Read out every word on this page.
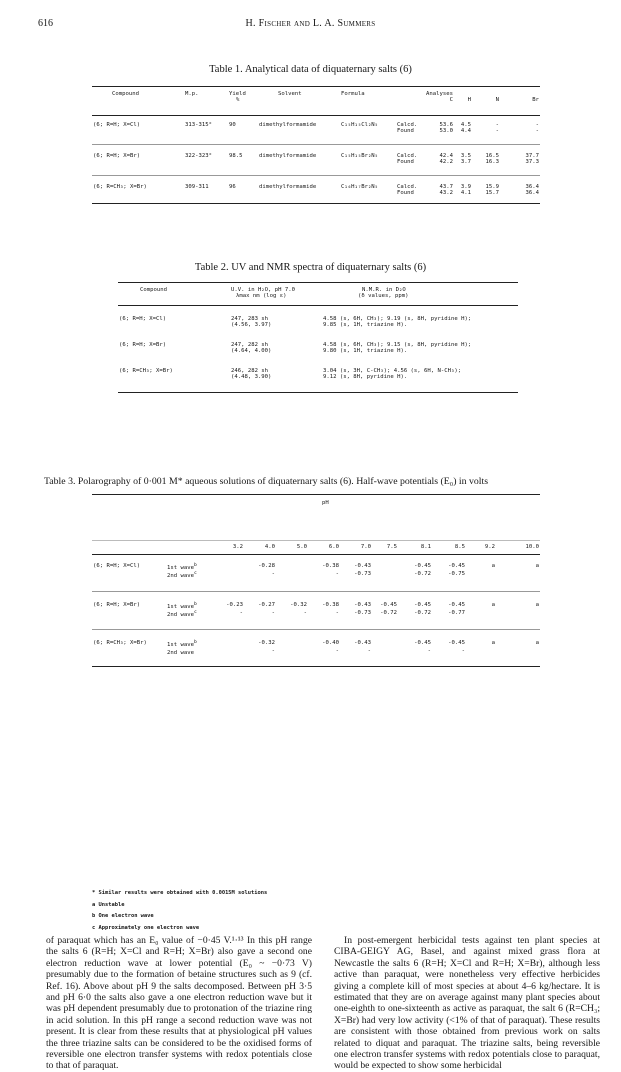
616	H. Fischer and L. A. Summers
Table 1. Analytical data of diquaternary salts (6)
Compound	M.p.	Yield	Solvent	Formula	Analyses				
		%				C	H	N	Br

(6; R=H; X=Cl)	313-315°	90	dimethylformamide	C₁₅H₁₅Cl₂N₅	Calcd.	53.6	4.5	-	-
					Found	53.0	4.4	-	-

(6; R=H; X=Br)	322-323°	98.5	dimethylformamide	C₁₅H₁₅Br₂N₅	Calcd.	42.4	3.5	16.5	37.7
					Found	42.2	3.7	16.3	37.3

(6; R=CH₃; X=Br)	309-311	96	dimethylformamide	C₁₆H₁₇Br₂N₅	Calcd.	43.7	3.9	15.9	36.4
					Found	43.2	4.1	15.7	36.4

Table 2. UV and NMR spectra of diquaternary salts (6)
Compound	U.V. in H₂O, pH 7.0	N.M.R. in D₂O
	λmax nm (log ε)	(δ values, ppm)

(6; R=H; X=Cl)	247, 283 sh	4.58 (s, 6H, CH₃); 9.19 (s, 8H, pyridine H);
	(4.56, 3.97)	9.85 (s, 1H, triazine H).

(6; R=H; X=Br)	247, 282 sh	4.58 (s, 6H, CH₃); 9.15 (s, 8H, pyridine H);
	(4.64, 4.00)	9.80 (s, 1H, triazine H).

(6; R=CH₃; X=Br)	246, 282 sh	3.04 (s, 3H, C-CH₃); 4.56 (s, 6H, N-CH₃);
	(4.48, 3.90)	9.12 (s, 8H, pyridine H).

Table 3. Polarography of 0·001 M* aqueous solutions of diquaternary salts (6). Half-wave potentials (E₀) in volts
				pH							

		3.2	4.0	5.0	6.0	7.0	7.5	8.1	8.5	9.2	10.0

(6; R=H; X=Cl)	1st wave$^b$		-0.28		-0.38	-0.43		-0.45	-0.45	a	a
	2nd wave$^c$		-		-	-0.73		-0.72	-0.75		

(6; R=H; X=Br)	1st wave$^b$	-0.23	-0.27	-0.32	-0.38	-0.43	-0.45	-0.45	-0.45	a	a
	2nd wave$^c$	-	-	-	-	-0.73	-0.72	-0.72	-0.77		

(6; R=CH₃; X=Br)	1st wave$^b$		-0.32		-0.40	-0.43		-0.45	-0.45	a	a
	2nd wave		-		-	-		-	-		

* Similar results were obtained with 0.0015M solutions
a Unstable
b One electron wave
c Approximately one electron wave

of paraquat which has an E₀ value of −0·45 V.¹·¹³ In this pH range the salts 6 (R=H; X=Cl and R=H; X=Br) also gave a second one electron reduction wave at lower potential (E₀ ~ −0·73 V) presumably due to the formation of betaine structures such as 9 (cf. Ref. 16). Above about pH 9 the salts decomposed. Between pH 3·5 and pH 6·0 the salts also gave a one electron reduction wave but it was pH dependent presumably due to protonation of the triazine ring in acid solution. In this pH range a second reduction wave was not present. It is clear from these results that at physiological pH values the three triazine salts can be considered to be the oxidised forms of reversible one electron transfer systems with redox potentials close to that of paraquat.

In post-emergent herbicidal tests against ten plant species at CIBA-GEIGY AG, Basel, and against mixed grass flora at Newcastle the salts 6 (R=H; X=Cl and R=H; X=Br), although less active than paraquat, were nonetheless very effective herbicides giving a complete kill of most species at about 4–6 kg/hectare. It is estimated that they are on average against many plant species about one-eighth to one-sixteenth as active as paraquat, the salt 6 (R=CH₃; X=Br) had very low activity (<1% of that of paraquat). These results are consistent with those obtained from previous work on salts related to diquat and paraquat. The triazine salts, being reversible one electron transfer systems with redox potentials close to paraquat, would be expected to show some herbicidal
